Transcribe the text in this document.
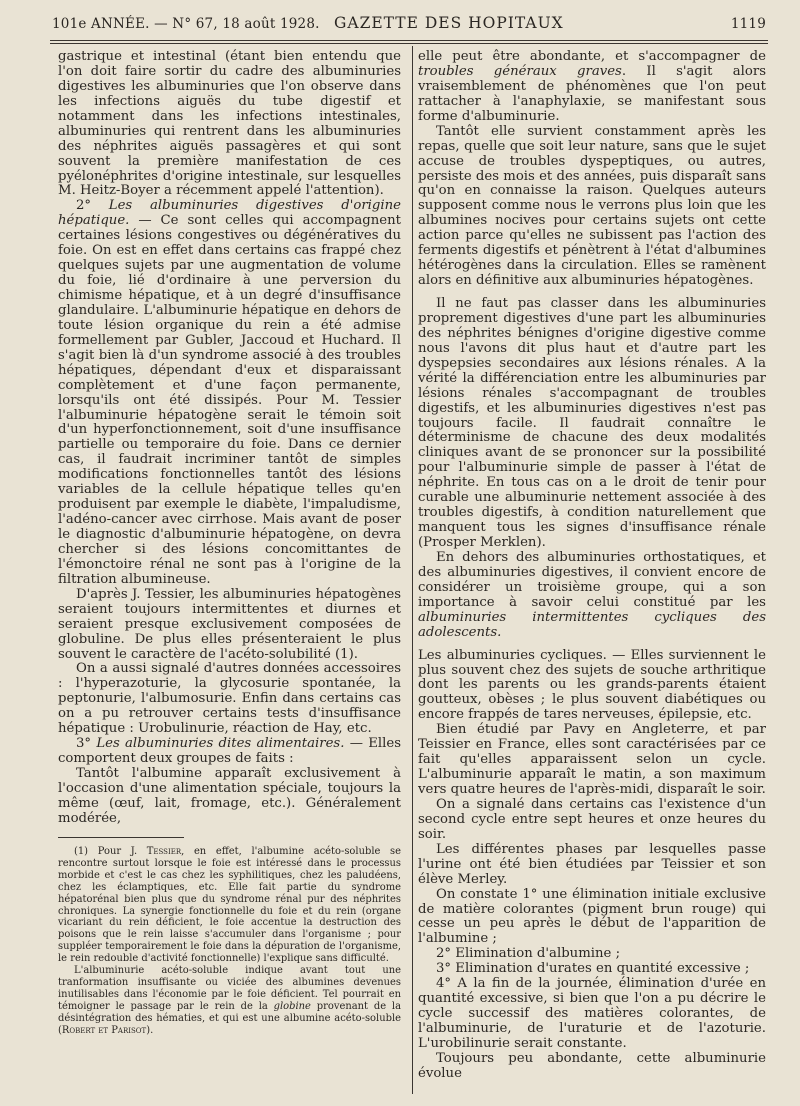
101e ANNÉE. — N° 67, 18 août 1928. GAZETTE DES HOPITAUX	1119

gastrique et intestinal (étant bien entendu que l'on doit faire sortir du cadre des albuminuries digestives les albuminuries que l'on observe dans les infections aiguës du tube digestif et notamment dans les infections intestinales, albuminuries qui rentrent dans les albuminuries des néphrites aiguës passagères et qui sont souvent la première manifestation de ces pyélonéphrites d'origine intestinale, sur lesquelles M. Heitz-Boyer a récemment appelé l'attention).

2° Les albuminuries digestives d'origine hépatique. — Ce sont celles qui accompagnent certaines lésions congestives ou dégénératives du foie. On est en effet dans certains cas frappé chez quelques sujets par une augmentation de volume du foie, lié d'ordinaire à une perversion du chimisme hépatique, et à un degré d'insuffisance glandulaire. L'albuminurie hépatique en dehors de toute lésion organique du rein a été admise formellement par Gubler, Jaccoud et Huchard. Il s'agit bien là d'un syndrome associé à des troubles hépatiques, dépendant d'eux et disparaissant complètement et d'une façon permanente, lorsqu'ils ont été dissipés. Pour M. Tessier l'albuminurie hépatogène serait le témoin soit d'un hyperfonctionnement, soit d'une insuffisance partielle ou temporaire du foie. Dans ce dernier cas, il faudrait incriminer tantôt de simples modifications fonctionnelles tantôt des lésions variables de la cellule hépatique telles qu'en produisent par exemple le diabète, l'impaludisme, l'adéno-cancer avec cirrhose. Mais avant de poser le diagnostic d'albuminurie hépatogène, on devra chercher si des lésions concomittantes de l'émonctoire rénal ne sont pas à l'origine de la filtration albumineuse.

D'après J. Tessier, les albuminuries hépatogènes seraient toujours intermittentes et diurnes et seraient presque exclusivement composées de globuline. De plus elles présenteraient le plus souvent le caractère de l'acéto-solubilité (1).

On a aussi signalé d'autres données accessoires : l'hyperazoturie, la glycosurie spontanée, la peptonurie, l'albumosurie. Enfin dans certains cas on a pu retrouver certains tests d'insuffisance hépatique : Urobulinurie, réaction de Hay, etc.

3° Les albuminuries dites alimentaires. — Elles comportent deux groupes de faits :

Tantôt l'albumine apparaît exclusivement à l'occasion d'une alimentation spéciale, toujours la même (œuf, lait, fromage, etc.). Généralement modérée,

(1) Pour J. Tessier, en effet, l'albumine acéto-soluble se rencontre surtout lorsque le foie est intéressé dans le processus morbide et c'est le cas chez les syphilitiques, chez les paludéens, chez les éclamptiques, etc. Elle fait partie du syndrome hépatorénal bien plus que du syndrome rénal pur des néphrites chroniques. La synergie fonctionnelle du foie et du rein (organe vicariant du rein déficient, le foie accentue la destruction des poisons que le rein laisse s'accumuler dans l'organisme ; pour suppléer temporairement le foie dans la dépuration de l'organisme, le rein redouble d'activité fonctionnelle) l'explique sans difficulté.

L'albuminurie acéto-soluble indique avant tout une tranformation insuffisante ou viciée des albumines devenues inutilisables dans l'économie par le foie déficient. Tel pourrait en témoigner le passage par le rein de la globine provenant de la désintégration des hématies, et qui est une albumine acéto-soluble (Robert et Parisot).

elle peut être abondante, et s'accompagner de troubles généraux graves. Il s'agit alors vraisemblement de phénomènes que l'on peut rattacher à l'anaphylaxie, se manifestant sous forme d'albuminurie.

Tantôt elle survient constamment après les repas, quelle que soit leur nature, sans que le sujet accuse de troubles dyspeptiques, ou autres, persiste des mois et des années, puis disparaît sans qu'on en connaisse la raison. Quelques auteurs supposent comme nous le verrons plus loin que les albumines nocives pour certains sujets ont cette action parce qu'elles ne subissent pas l'action des ferments digestifs et pénètrent à l'état d'albumines hétérogènes dans la circulation. Elles se ramènent alors en définitive aux albuminuries hépatogènes.

Il ne faut pas classer dans les albuminuries proprement digestives d'une part les albuminuries des néphrites bénignes d'origine digestive comme nous l'avons dit plus haut et d'autre part les dyspepsies secondaires aux lésions rénales. A la vérité la différenciation entre les albuminuries par lésions rénales s'accompagnant de troubles digestifs, et les albuminuries digestives n'est pas toujours facile. Il faudrait connaître le déterminisme de chacune des deux modalités cliniques avant de se prononcer sur la possibilité pour l'albuminurie simple de passer à l'état de néphrite. En tous cas on a le droit de tenir pour curable une albuminurie nettement associée à des troubles digestifs, à condition naturellement que manquent tous les signes d'insuffisance rénale (Prosper Merklen).

En dehors des albuminuries orthostatiques, et des albuminuries digestives, il convient encore de considérer un troisième groupe, qui a son importance à savoir celui constitué par les albuminuries intermittentes cycliques des adolescents.

Les albuminuries cycliques. — Elles surviennent le plus souvent chez des sujets de souche arthritique dont les parents ou les grands-parents étaient goutteux, obèses ; le plus souvent diabétiques ou encore frappés de tares nerveuses, épilepsie, etc.

Bien étudié par Pavy en Angleterre, et par Teissier en France, elles sont caractérisées par ce fait qu'elles apparaissent selon un cycle. L'albuminurie apparaît le matin, a son maximum vers quatre heures de l'après-midi, disparaît le soir.

On a signalé dans certains cas l'existence d'un second cycle entre sept heures et onze heures du soir.

Les différentes phases par lesquelles passe l'urine ont été bien étudiées par Teissier et son élève Merley.

On constate 1° une élimination initiale exclusive de matière colorantes (pigment brun rouge) qui cesse un peu après le début de l'apparition de l'albumine ;

2° Elimination d'albumine ;

3° Elimination d'urates en quantité excessive ;

4° A la fin de la journée, élimination d'urée en quantité excessive, si bien que l'on a pu décrire le cycle successif des matières colorantes, de l'albuminurie, de l'uraturie et de l'azoturie. L'urobilinurie serait constante.

Toujours peu abondante, cette albuminurie évolue
